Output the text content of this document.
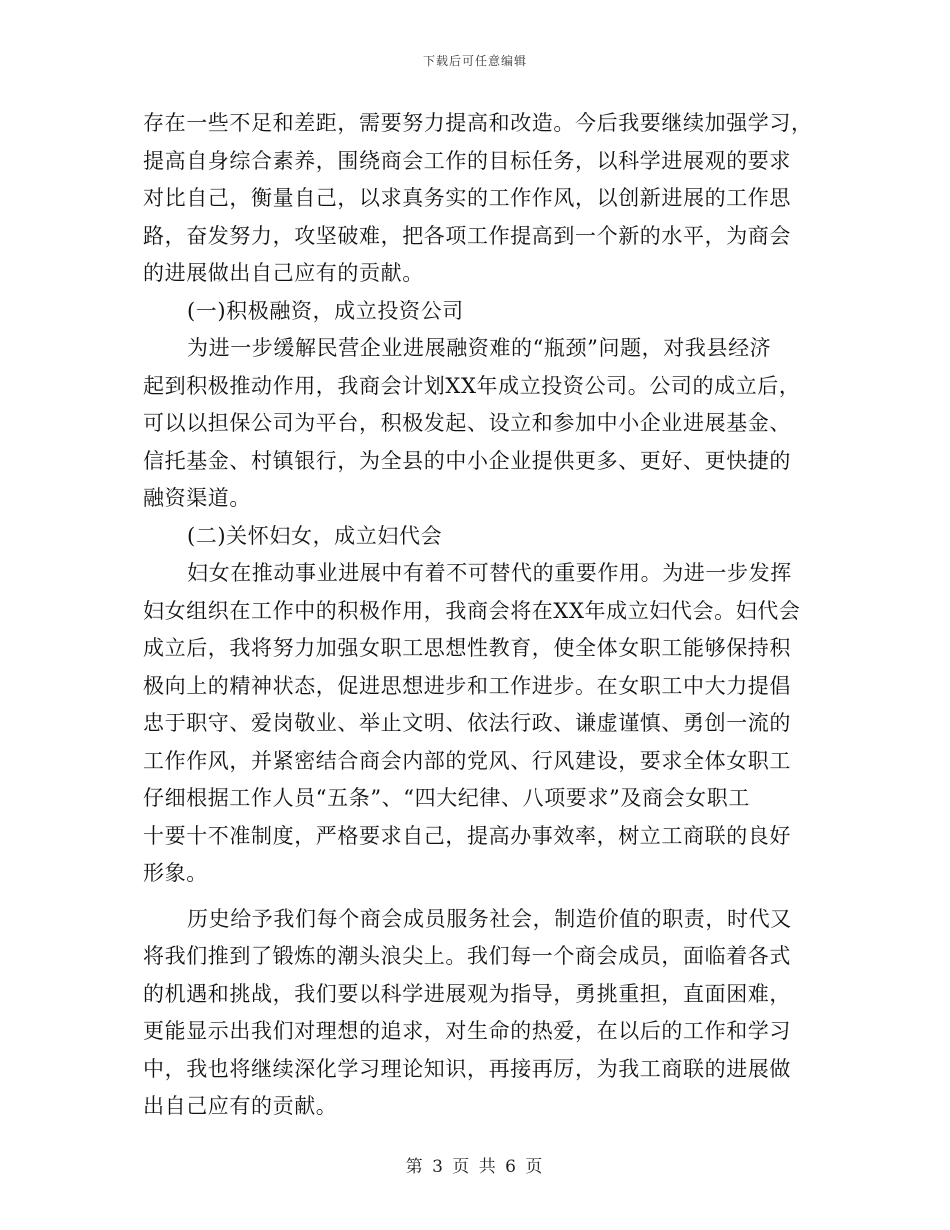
下载后可任意编辑
存在一些不足和差距，需要努力提高和改造。今后我要继续加强学习，
提高自身综合素养，围绕商会工作的目标任务，以科学进展观的要求
对比自己，衡量自己，以求真务实的工作作风，以创新进展的工作思
路，奋发努力，攻坚破难，把各项工作提高到一个新的水平，为商会
的进展做出自己应有的贡献。
(一)积极融资，成立投资公司
为进一步缓解民营企业进展融资难的“瓶颈”问题，对我县经济
起到积极推动作用，我商会计划XX年成立投资公司。公司的成立后，
可以以担保公司为平台，积极发起、设立和参加中小企业进展基金、
信托基金、村镇银行，为全县的中小企业提供更多、更好、更快捷的
融资渠道。
(二)关怀妇女，成立妇代会
妇女在推动事业进展中有着不可替代的重要作用。为进一步发挥
妇女组织在工作中的积极作用，我商会将在XX年成立妇代会。妇代会
成立后，我将努力加强女职工思想性教育，使全体女职工能够保持积
极向上的精神状态，促进思想进步和工作进步。在女职工中大力提倡
忠于职守、爱岗敬业、举止文明、依法行政、谦虚谨慎、勇创一流的
工作作风，并紧密结合商会内部的党风、行风建设，要求全体女职工
仔细根据工作人员“五条”、“四大纪律、八项要求”及商会女职工
十要十不准制度，严格要求自己，提高办事效率，树立工商联的良好
形象。
历史给予我们每个商会成员服务社会，制造价值的职责，时代又
将我们推到了锻炼的潮头浪尖上。我们每一个商会成员，面临着各式
的机遇和挑战，我们要以科学进展观为指导，勇挑重担，直面困难，
更能显示出我们对理想的追求，对生命的热爱，在以后的工作和学习
中，我也将继续深化学习理论知识，再接再厉，为我工商联的进展做
出自己应有的贡献。
第 3 页 共 6 页
